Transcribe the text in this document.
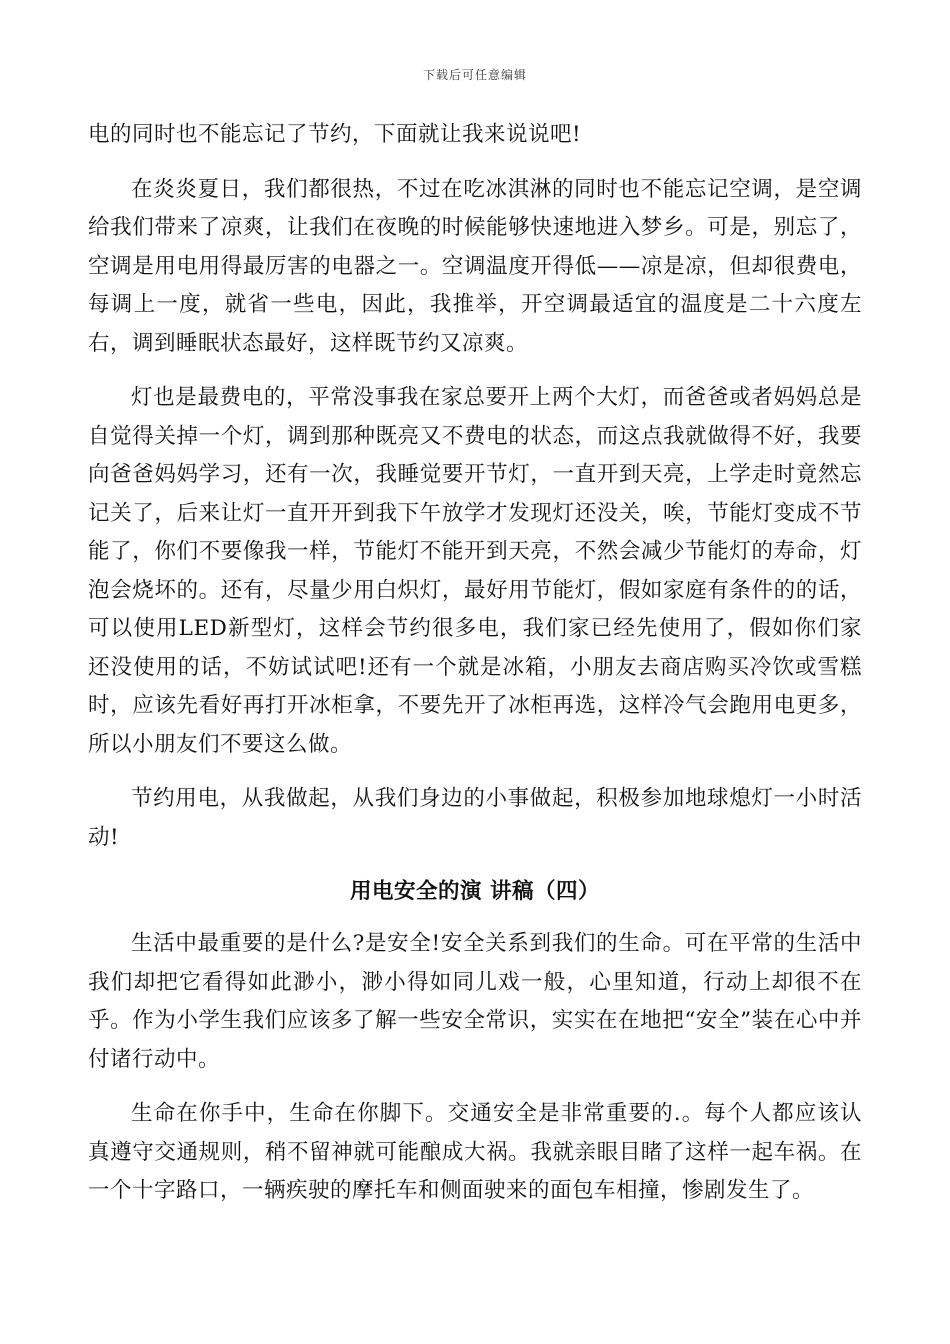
下载后可任意编辑

电的同时也不能忘记了节约，下面就让我来说说吧!

在炎炎夏日，我们都很热，不过在吃冰淇淋的同时也不能忘记空调，是空调给我们带来了凉爽，让我们在夜晚的时候能够快速地进入梦乡。可是，别忘了，空调是用电用得最厉害的电器之一。空调温度开得低——凉是凉，但却很费电，每调上一度，就省一些电，因此，我推举，开空调最适宜的温度是二十六度左右，调到睡眠状态最好，这样既节约又凉爽。

灯也是最费电的，平常没事我在家总要开上两个大灯，而爸爸或者妈妈总是自觉得关掉一个灯，调到那种既亮又不费电的状态，而这点我就做得不好，我要向爸爸妈妈学习，还有一次，我睡觉要开节灯，一直开到天亮，上学走时竟然忘记关了，后来让灯一直开开到我下午放学才发现灯还没关，唉，节能灯变成不节能了，你们不要像我一样，节能灯不能开到天亮，不然会减少节能灯的寿命，灯泡会烧坏的。还有，尽量少用白炽灯，最好用节能灯，假如家庭有条件的的话，可以使用LED新型灯，这样会节约很多电，我们家已经先使用了，假如你们家还没使用的话，不妨试试吧!还有一个就是冰箱，小朋友去商店购买冷饮或雪糕时，应该先看好再打开冰柜拿，不要先开了冰柜再选，这样冷气会跑用电更多，所以小朋友们不要这么做。

节约用电，从我做起，从我们身边的小事做起，积极参加地球熄灯一小时活动!

用电安全的演 讲稿（四）

生活中最重要的是什么?是安全!安全关系到我们的生命。可在平常的生活中我们却把它看得如此渺小，渺小得如同儿戏一般，心里知道，行动上却很不在乎。作为小学生我们应该多了解一些安全常识，实实在在地把“安全”装在心中并付诸行动中。

生命在你手中，生命在你脚下。交通安全是非常重要的.。每个人都应该认真遵守交通规则，稍不留神就可能酿成大祸。我就亲眼目睹了这样一起车祸。在一个十字路口，一辆疾驶的摩托车和侧面驶来的面包车相撞，惨剧发生了。
